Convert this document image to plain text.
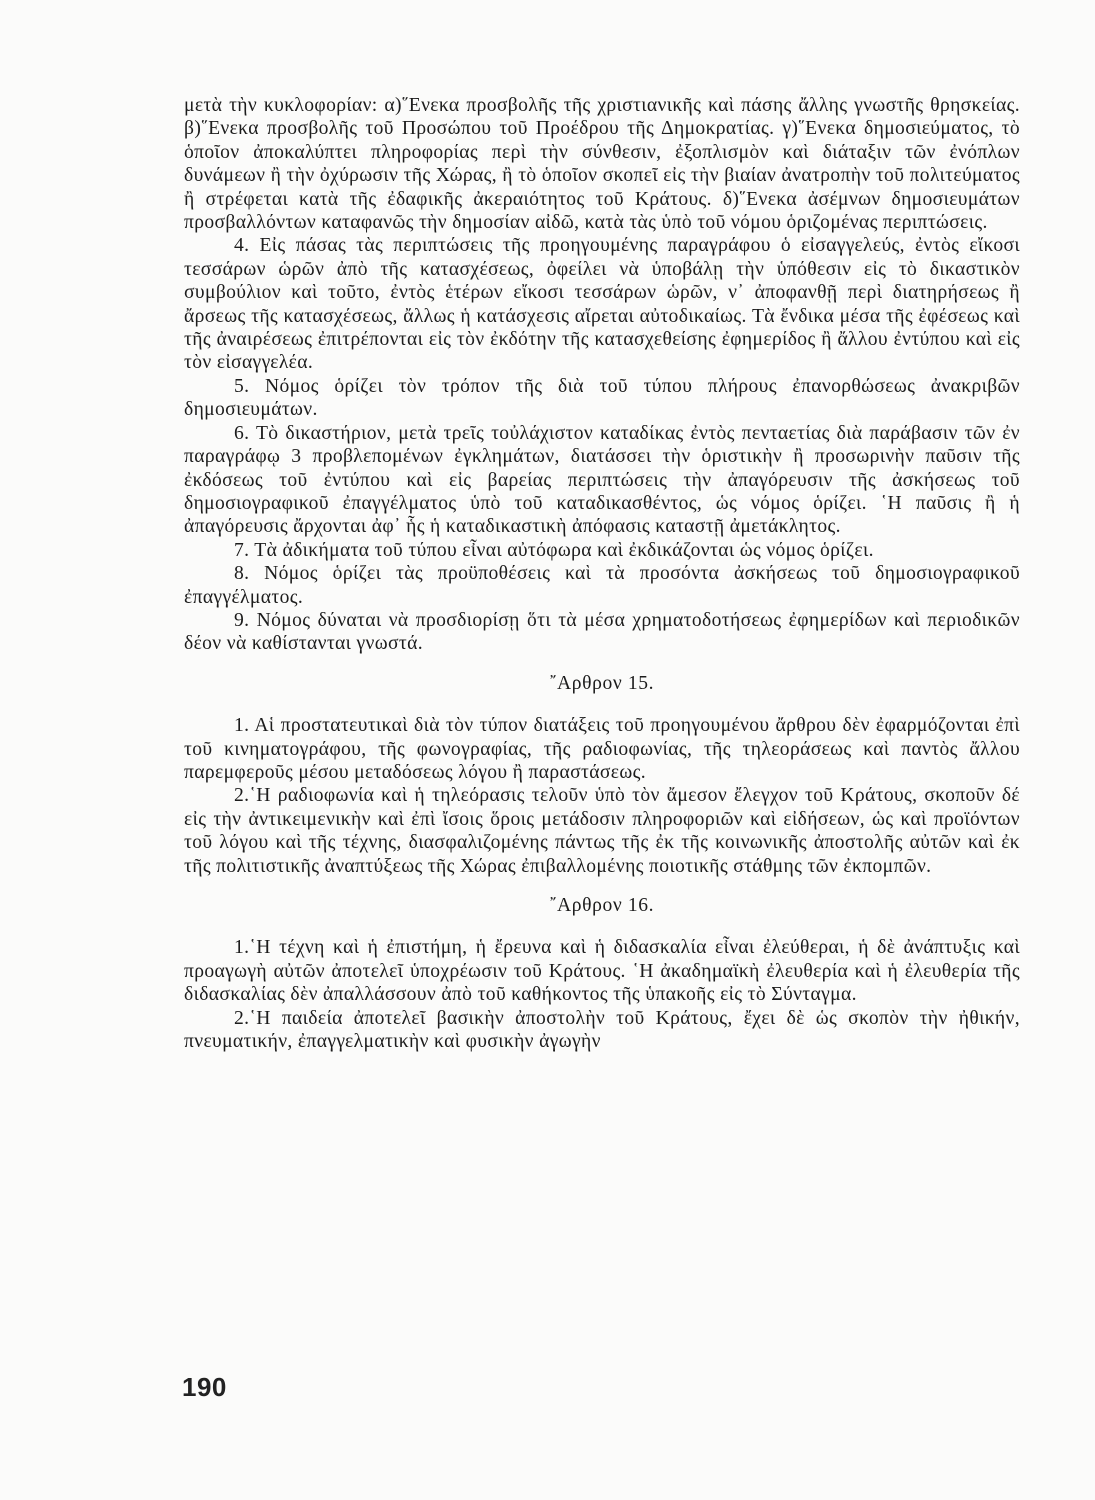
μετὰ τὴν κυκλοφορίαν: α)῞Ενεκα προσβολῆς τῆς χριστιανικῆς καὶ πάσης ἄλλης γνωστῆς θρησκείας. β)῞Ενεκα προσβολῆς τοῦ Προσώπου τοῦ Προέδρου τῆς Δημοκρατίας. γ)῞Ενεκα δημοσιεύματος, τὸ ὁποῖον ἀποκαλύπτει πληροφορίας περὶ τὴν σύνθεσιν, ἐξοπλισμὸν καὶ διάταξιν τῶν ἐνόπλων δυνάμεων ἢ τὴν ὀχύρωσιν τῆς Χώρας, ἢ τὸ ὁποῖον σκοπεῖ εἰς τὴν βιαίαν ἀνατροπὴν τοῦ πολιτεύματος ἢ στρέφεται κατὰ τῆς ἐδαφικῆς ἀκεραιότητος τοῦ Κράτους. δ)῞Ενεκα ἀσέμνων δημοσιευμάτων προσβαλλόντων καταφανῶς τὴν δημοσίαν αἰδῶ, κατὰ τὰς ὑπὸ τοῦ νόμου ὁριζομένας περιπτώσεις.

4. Εἰς πάσας τὰς περιπτώσεις τῆς προηγουμένης παραγράφου ὁ εἰσαγγελεύς, ἐντὸς εἴκοσι τεσσάρων ὡρῶν ἀπὸ τῆς κατασχέσεως, ὀφείλει νὰ ὑποβάλῃ τὴν ὑπόθεσιν εἰς τὸ δικαστικὸν συμβούλιον καὶ τοῦτο, ἐντὸς ἑτέρων εἴκοσι τεσσάρων ὡρῶν, ν᾽ ἀποφανθῇ περὶ διατηρήσεως ἢ ἄρσεως τῆς κατασχέσεως, ἄλλως ἡ κατάσχεσις αἴρεται αὐτοδικαίως. Τὰ ἔνδικα μέσα τῆς ἐφέσεως καὶ τῆς ἀναιρέσεως ἐπιτρέπονται εἰς τὸν ἐκδότην τῆς κατασχεθείσης ἐφημερίδος ἢ ἄλλου ἐντύπου καὶ εἰς τὸν εἰσαγγελέα.

5. Νόμος ὁρίζει τὸν τρόπον τῆς διὰ τοῦ τύπου πλήρους ἐπανορθώσεως ἀνακριβῶν δημοσιευμάτων.

6. Τὸ δικαστήριον, μετὰ τρεῖς τοὐλάχιστον καταδίκας ἐντὸς πενταετίας διὰ παράβασιν τῶν ἐν παραγράφῳ 3 προβλεπομένων ἐγκλημάτων, διατάσσει τὴν ὁριστικὴν ἢ προσωρινὴν παῦσιν τῆς ἐκδόσεως τοῦ ἐντύπου καὶ εἰς βαρείας περιπτώσεις τὴν ἀπαγόρευσιν τῆς ἀσκήσεως τοῦ δημοσιογραφικοῦ ἐπαγγέλματος ὑπὸ τοῦ καταδικασθέντος, ὡς νόμος ὁρίζει. ῾Η παῦσις ἢ ἡ ἀπαγόρευσις ἄρχονται ἀφ᾽ ἧς ἡ καταδικαστικὴ ἀπόφασις καταστῇ ἀμετάκλητος.

7. Τὰ ἀδικήματα τοῦ τύπου εἶναι αὐτόφωρα καὶ ἐκδικάζονται ὡς νόμος ὁρίζει.

8. Νόμος ὁρίζει τὰς προϋποθέσεις καὶ τὰ προσόντα ἀσκήσεως τοῦ δημοσιογραφικοῦ ἐπαγγέλματος.

9. Νόμος δύναται νὰ προσδιορίσῃ ὅτι τὰ μέσα χρηματοδοτήσεως ἐφημερίδων καὶ περιοδικῶν δέον νὰ καθίστανται γνωστά.

῎Αρθρον 15.

1. Αἱ προστατευτικαὶ διὰ τὸν τύπον διατάξεις τοῦ προηγουμένου ἄρθρου δὲν ἐφαρμόζονται ἐπὶ τοῦ κινηματογράφου, τῆς φωνογραφίας, τῆς ραδιοφωνίας, τῆς τηλεοράσεως καὶ παντὸς ἄλλου παρεμφεροῦς μέσου μεταδόσεως λόγου ἢ παραστάσεως.

2.῾Η ραδιοφωνία καὶ ἡ τηλεόρασις τελοῦν ὑπὸ τὸν ἄμεσον ἔλεγχον τοῦ Κράτους, σκοποῦν δέ εἰς τὴν ἀντικειμενικὴν καὶ ἐπὶ ἴσοις ὅροις μετάδοσιν πληροφοριῶν καὶ εἰδήσεων, ὡς καὶ προϊόντων τοῦ λόγου καὶ τῆς τέχνης, διασφαλιζομένης πάντως τῆς ἐκ τῆς κοινωνικῆς ἀποστολῆς αὐτῶν καὶ ἐκ τῆς πολιτιστικῆς ἀναπτύξεως τῆς Χώρας ἐπιβαλλομένης ποιοτικῆς στάθμης τῶν ἐκπομπῶν.

῎Αρθρον 16.

1.῾Η τέχνη καὶ ἡ ἐπιστήμη, ἡ ἔρευνα καὶ ἡ διδασκαλία εἶναι ἐλεύθεραι, ἡ δὲ ἀνάπτυξις καὶ προαγωγὴ αὐτῶν ἀποτελεῖ ὑποχρέωσιν τοῦ Κράτους. ῾Η ἀκαδημαϊκὴ ἐλευθερία καὶ ἡ ἐλευθερία τῆς διδασκαλίας δὲν ἀπαλλάσσουν ἀπὸ τοῦ καθήκοντος τῆς ὑπακοῆς εἰς τὸ Σύνταγμα.

2.῾Η παιδεία ἀποτελεῖ βασικὴν ἀποστολὴν τοῦ Κράτους, ἔχει δὲ ὡς σκοπὸν τὴν ἠθικήν, πνευματικήν, ἐπαγγελματικὴν καὶ φυσικὴν ἀγωγὴν

190
